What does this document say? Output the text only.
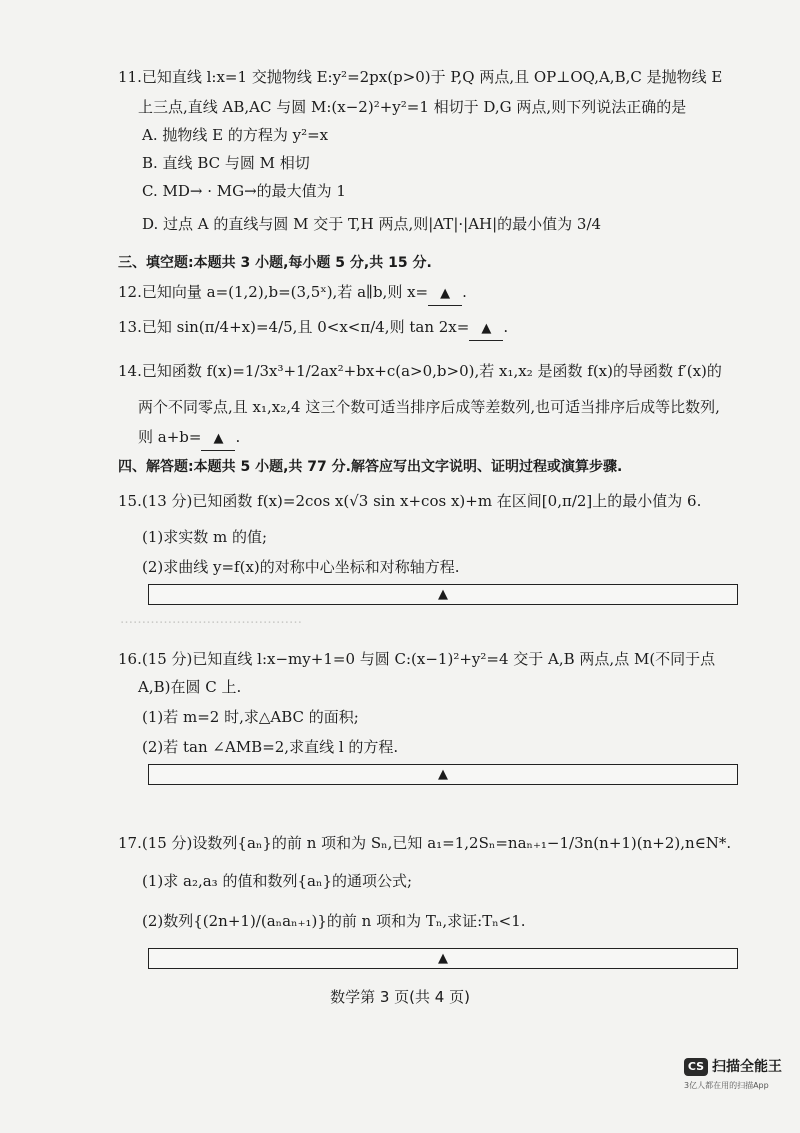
11.已知直线 l:x=1 交抛物线 E:y²=2px(p>0)于 P,Q 两点,且 OP⊥OQ,A,B,C 是抛物线 E
上三点,直线 AB,AC 与圆 M:(x−2)²+y²=1 相切于 D,G 两点,则下列说法正确的是
A. 抛物线 E 的方程为 y²=x
B. 直线 BC 与圆 M 相切
C. MD→ · MG→的最大值为 1
D. 过点 A 的直线与圆 M 交于 T,H 两点,则|AT|·|AH|的最小值为 3/4
三、填空题:本题共 3 小题,每小题 5 分,共 15 分.
12.已知向量 a=(1,2),b=(3,5ˣ),若 a∥b,则 x= ▲ .
13.已知 sin(π/4+x)=4/5,且 0<x<π/4,则 tan 2x= ▲ .
14.已知函数 f(x)=1/3x³+1/2ax²+bx+c(a>0,b>0),若 x₁,x₂ 是函数 f(x)的导函数 f′(x)的
两个不同零点,且 x₁,x₂,4 这三个数可适当排序后成等差数列,也可适当排序后成等比数列,
则 a+b= ▲ .
四、解答题:本题共 5 小题,共 77 分.解答应写出文字说明、证明过程或演算步骤.
15.(13 分)已知函数 f(x)=2cos x(√3 sin x+cos x)+m 在区间[0,π/2]上的最小值为 6.
(1)求实数 m 的值;
(2)求曲线 y=f(x)的对称中心坐标和对称轴方程.
▲
……………………………………
16.(15 分)已知直线 l:x−my+1=0 与圆 C:(x−1)²+y²=4 交于 A,B 两点,点 M(不同于点
A,B)在圆 C 上.
(1)若 m=2 时,求△ABC 的面积;
(2)若 tan ∠AMB=2,求直线 l 的方程.
▲
17.(15 分)设数列{aₙ}的前 n 项和为 Sₙ,已知 a₁=1,2Sₙ=naₙ₊₁−1/3n(n+1)(n+2),n∈N*.
(1)求 a₂,a₃ 的值和数列{aₙ}的通项公式;
(2)数列{(2n+1)/(aₙaₙ₊₁)}的前 n 项和为 Tₙ,求证:Tₙ<1.
▲
数学第 3 页(共 4 页)
CS 扫描全能王
3亿人都在用的扫描App
